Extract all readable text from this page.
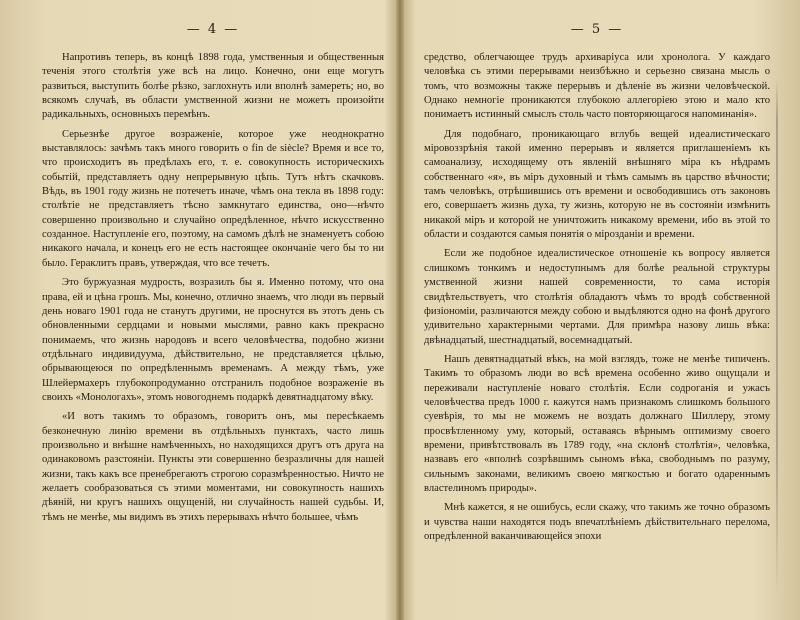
— 4 —

Напротивъ теперь, въ концѣ 1898 года, умственныя и общественныя теченія этого столѣтія уже всѣ на лицо. Конечно, они еще могутъ развиться, выступить болѣе рѣзко, заглохнуть или вполнѣ замереть; но, во всякомъ случаѣ, въ области умственной жизни не можетъ произойти радикальныхъ, основныхъ перемѣнъ.

Серьезнѣе другое возраженіе, которое уже неоднократно выставлялось: зачѣмъ такъ много говорить о fin de siècle? Время и все то, что происходитъ въ предѣлахъ его, т. е. совокупность историческихъ событій, представляетъ одну непрерывную цѣпь. Тутъ нѣтъ скачковъ. Вѣдь, въ 1901 году жизнь не потечетъ иначе, чѣмъ она текла въ 1898 году: столѣтіе не представляетъ тѣсно замкнутаго единства, оно—нѣчто совершенно произвольно и случайно опредѣленное, нѣчто искусственно созданное. Наступленіе его, поэтому, на самомъ дѣлѣ не знаменуетъ собою никакого начала, и конецъ его не есть настоящее окончаніе чего бы то ни было. Гераклитъ правъ, утверждая, что все течетъ.

Это буржуазная мудрость, возразилъ бы я. Именно потому, что она права, ей и цѣна грошъ. Мы, конечно, отлично знаемъ, что люди въ первый день новаго 1901 года не станутъ другими, не проснутся въ этотъ день съ обновленными сердцами и новыми мыслями, равно какъ прекрасно понимаемъ, что жизнь народовъ и всего человѣчества, подобно жизни отдѣльнаго индивидуума, дѣйствительно, не представляется цѣлью, обрывающеюся по опредѣленнымъ временамъ. А между тѣмъ, уже Шлейермахеръ глубокопродуманно отстранилъ подобное возраженіе въ своихъ «Монологахъ», этомъ новогоднемъ подаркѣ девятнадцатому вѣку.

«И вотъ такимъ то образомъ, говоритъ онъ, мы пересѣкаемъ безконечную линію времени въ отдѣльныхъ пунктахъ, часто лишь произвольно и внѣшне намѣченныхъ, но находящихся другъ отъ друга на одинаковомъ разстояніи. Пункты эти совершенно безразличны для нашей жизни, такъ какъ все пренебрегаютъ строгою соразмѣренностью. Ничто не желаетъ сообразоваться съ этими моментами, ни совокупность нашихъ дѣяній, ни кругъ нашихъ ощущеній, ни случайность нашей судьбы. И, тѣмъ не менѣе, мы видимъ въ этихъ перерывахъ нѣчто большее, чѣмъ

— 5 —

средство, облегчающее трудъ архиваріуса или хронолога. У каждаго человѣка съ этими перерывами неизбѣжно и серьезно связана мысль о томъ, что возможны также перерывъ и дѣленіе въ жизни человѣческой. Однако немногіе проникаются глубокою аллегоріею этою и мало кто понимаетъ истинный смыслъ столь часто повторяющагося напоминанія».

Для подобнаго, проникающаго вглубь вещей идеалистическаго міровоззрѣнія такой именно перерывъ и является приглашеніемъ къ самоанализу, исходящему отъ явленій внѣшняго міра къ нѣдрамъ собственнаго «я», въ міръ духовный и тѣмъ самымъ въ царство вѣчности; тамъ человѣкъ, отрѣшившись отъ времени и освободившись отъ законовъ его, совершаетъ жизнь духа, ту жизнь, которую не въ состояніи измѣнить никакой міръ и которой не уничтожить никакому времени, ибо въ этой то области и создаются самыя понятія о мірозданіи и времени.

Если же подобное идеалистическое отношеніе къ вопросу является слишкомъ тонкимъ и недоступнымъ для болѣе реальной структуры умственной жизни нашей современности, то сама исторія свидѣтельствуетъ, что столѣтія обладаютъ чѣмъ то вродѣ собственной физіономіи, различаются между собою и выдѣляются одно на фонѣ другого удивительно характерными чертами. Для примѣра назову лишь вѣка: двѣнадцатый, шестнадцатый, восемнадцатый.

Нашъ девятнадцатый вѣкъ, на мой взглядъ, тоже не менѣе типиченъ. Такимъ то образомъ люди во всѣ времена особенно живо ощущали и переживали наступленіе новаго столѣтія. Если содроганія и ужасъ человѣчества предъ 1000 г. кажутся намъ признакомъ слишкомъ большого суевѣрія, то мы не можемъ не воздать должнаго Шиллеру, этому просвѣтленному уму, который, оставаясь вѣрнымъ оптимизму своего времени, привѣтствовалъ въ 1789 году, «на склонѣ столѣтія», человѣка, назвавъ его «вполнѣ созрѣвшимъ сыномъ вѣка, свободнымъ по разуму, сильнымъ законами, великимъ своею мягкостью и богато одареннымъ властелиномъ природы».

Мнѣ кажется, я не ошибусь, если скажу, что такимъ же точно образомъ и чувства наши находятся подъ впечатлѣніемъ дѣйствительнаго перелома, опредѣленной ваканчивающейся эпохи
